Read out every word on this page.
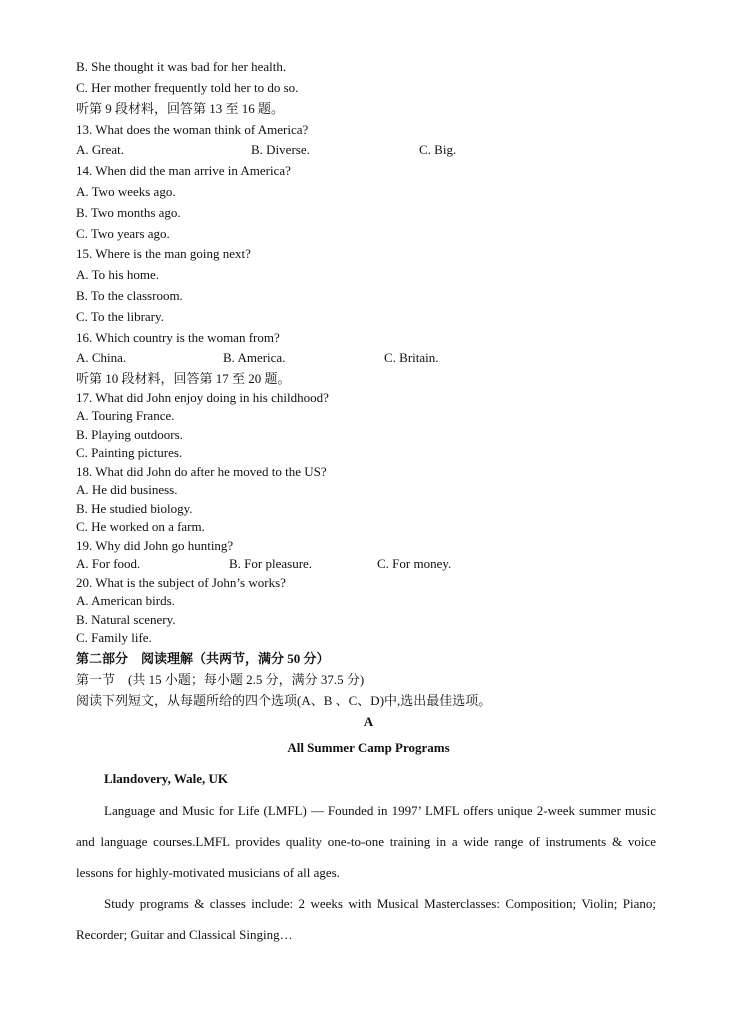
B. She thought it was bad for her health.
C. Her mother frequently told her to do so.
听第 9 段材料，回答第 13 至 16 题。
13. What does the woman think of America?
A. Great.	B. Diverse.	C. Big.
14. When did the man arrive in America?
A. Two weeks ago.
B. Two months ago.
C. Two years ago.
15. Where is the man going next?
A. To his home.
B. To the classroom.
C. To the library.
16. Which country is the woman from?
A. China.	B. America.	C. Britain.
听第 10 段材料，回答第 17 至 20 题。
17. What did John enjoy doing in his childhood?
A. Touring France.
B. Playing outdoors.
C. Painting pictures.
18. What did John do after he moved to the US?
A. He did business.
B. He studied biology.
C. He worked on a farm.
19. Why did John go hunting?
A. For food.	B. For pleasure.	C. For money.
20. What is the subject of John’s works?
A. American birds.
B. Natural scenery.
C. Family life.
第二部分　阅读理解（共两节，满分 50 分）
第一节　(共 15 小题；每小题 2.5 分，满分 37.5 分)
阅读下列短文，从每题所给的四个选项(A、B 、C、D)中,选出最佳选项。
A
All Summer Camp Programs
Llandovery, Wale, UK
Language and Music for Life (LMFL) — Founded in 1997’ LMFL offers unique 2-week summer music and language courses.LMFL provides quality one-to-one training in a wide range of instruments & voice lessons for highly-motivated musicians of all ages.
Study programs & classes include: 2 weeks with Musical Masterclasses: Composition; Violin; Piano; Recorder; Guitar and Classical Singing…
